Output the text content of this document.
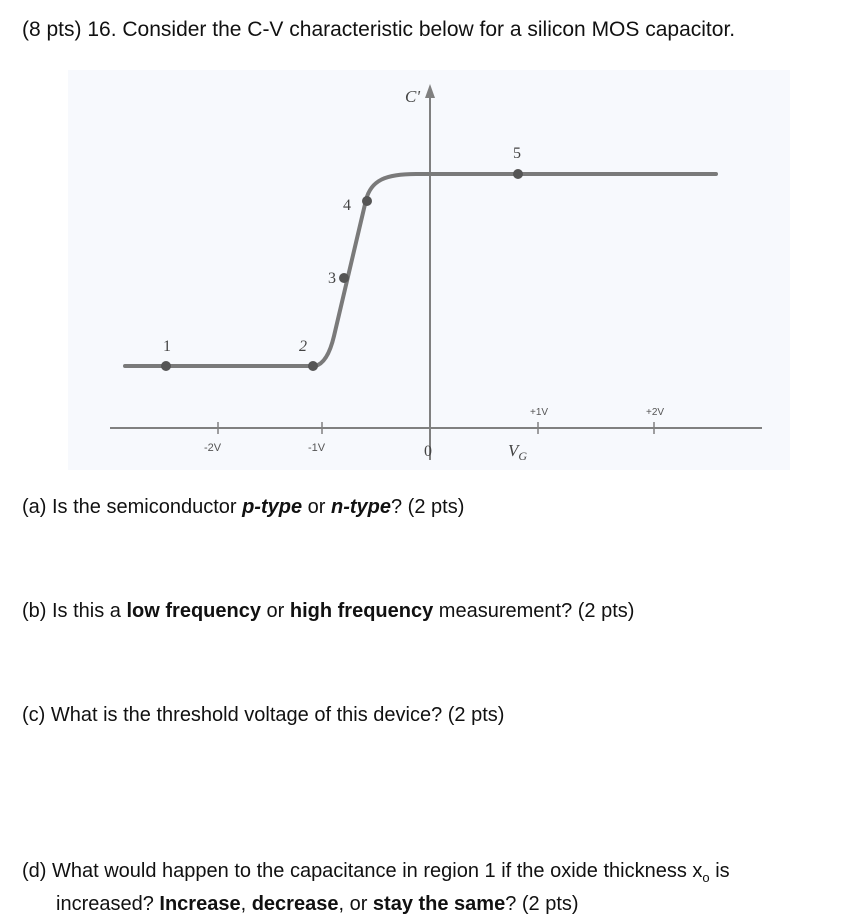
(8 pts) 16. Consider the C-V characteristic below for a silicon MOS capacitor.
1	2
3
4
5
C'
0	$V_G$
-2V	-1V
+1V	+2V
(a) Is the semiconductor p-type or n-type? (2 pts)
(b) Is this a low frequency or high frequency measurement? (2 pts)
(c) What is the threshold voltage of this device? (2 pts)
(d) What would happen to the capacitance in region 1 if the oxide thickness $x_o$ is
increased? Increase, decrease, or stay the same? (2 pts)
